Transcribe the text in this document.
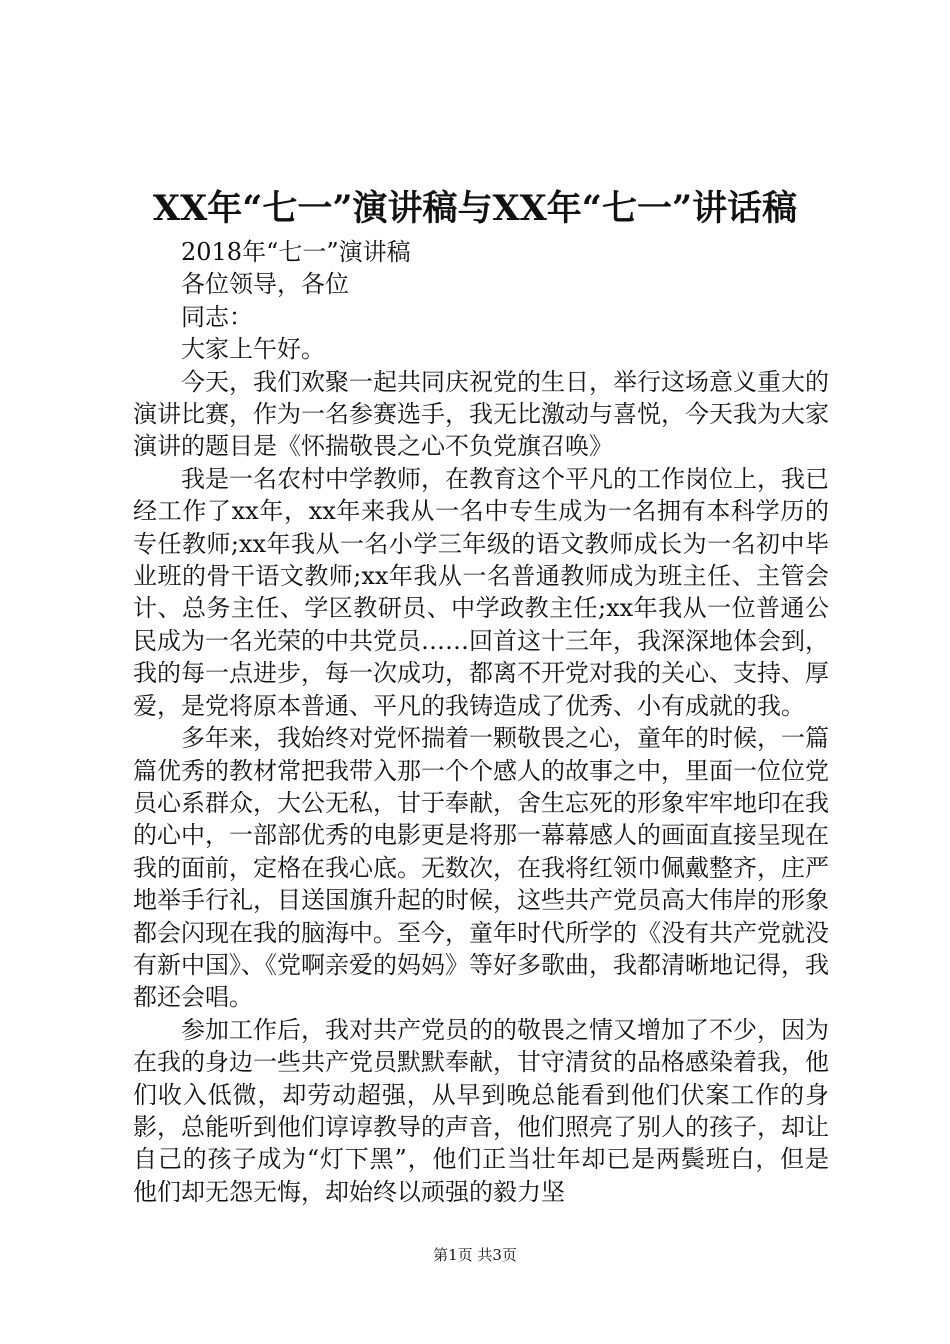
XX年“七一”演讲稿与XX年“七一”讲话稿

2018年“七一”演讲稿

各位领导，各位

同志：

大家上午好。

今天，我们欢聚一起共同庆祝党的生日，举行这场意义重大的演讲比赛，作为一名参赛选手，我无比激动与喜悦，今天我为大家演讲的题目是《怀揣敬畏之心不负党旗召唤》

我是一名农村中学教师，在教育这个平凡的工作岗位上，我已经工作了xx年，xx年来我从一名中专生成为一名拥有本科学历的专任教师;xx年我从一名小学三年级的语文教师成长为一名初中毕业班的骨干语文教师;xx年我从一名普通教师成为班主任、主管会计、总务主任、学区教研员、中学政教主任;xx年我从一位普通公民成为一名光荣的中共党员……回首这十三年，我深深地体会到，我的每一点进步，每一次成功，都离不开党对我的关心、支持、厚爱，是党将原本普通、平凡的我铸造成了优秀、小有成就的我。

多年来，我始终对党怀揣着一颗敬畏之心，童年的时候，一篇篇优秀的教材常把我带入那一个个感人的故事之中，里面一位位党员心系群众，大公无私，甘于奉献，舍生忘死的形象牢牢地印在我的心中，一部部优秀的电影更是将那一幕幕感人的画面直接呈现在我的面前，定格在我心底。无数次，在我将红领巾佩戴整齐，庄严地举手行礼，目送国旗升起的时候，这些共产党员高大伟岸的形象都会闪现在我的脑海中。至今，童年时代所学的《没有共产党就没有新中国》、《党啊亲爱的妈妈》等好多歌曲，我都清晰地记得，我都还会唱。

参加工作后，我对共产党员的的敬畏之情又增加了不少，因为在我的身边一些共产党员默默奉献，甘守清贫的品格感染着我，他们收入低微，却劳动超强，从早到晚总能看到他们伏案工作的身影，总能听到他们谆谆教导的声音，他们照亮了别人的孩子，却让自己的孩子成为“灯下黑”，他们正当壮年却已是两鬓班白，但是他们却无怨无悔，却始终以顽强的毅力坚

第1页 共3页
